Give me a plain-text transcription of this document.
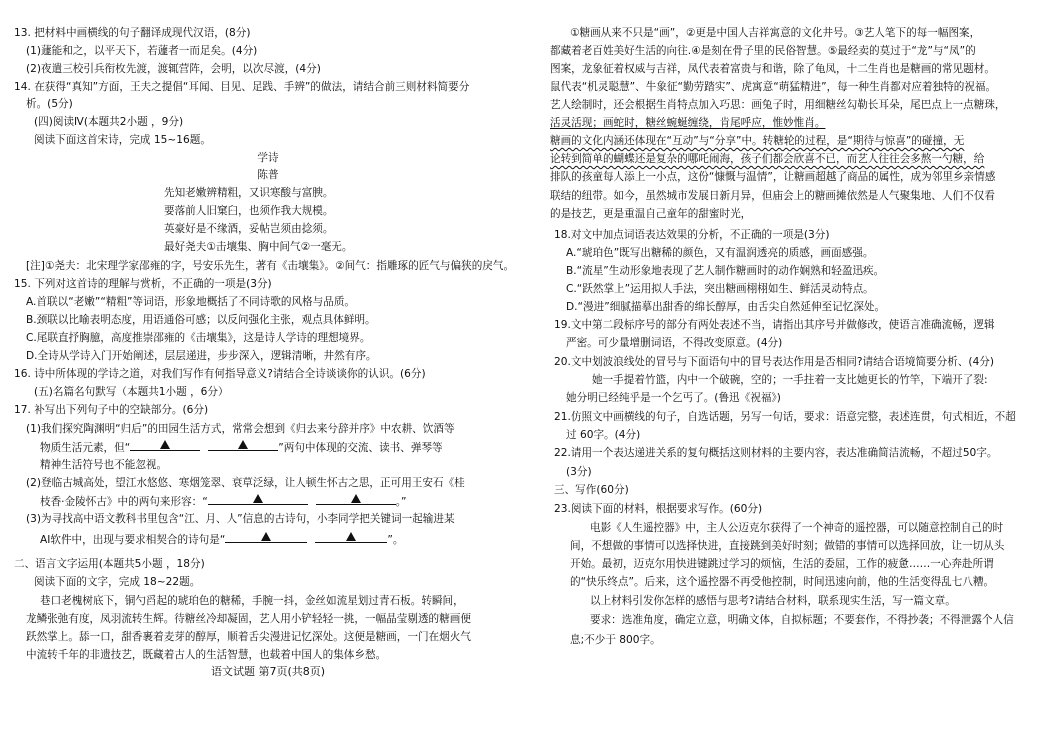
物质生活元素，但“	”两句中体现的交流、读书、弹琴等
枝香·金陵怀古》中的两句来形容：“	。”
AI软件中，出现与要求相契合的诗句是“	”。
语文试题 第7页(共8页)
13. 把材料中画横线的句子翻译成现代汉语，(8分)
(1)蘧能和之，以平天下，若蘧者一而足矣。(4分)
(2)夜遣三校引兵衔枚先渡，渡辄营阵，会明，以次尽渡，(4分)
14. 在获得“真知”方面，王夫之提倡“耳闻、目见、足践、手辨”的做法，请结合前三则材料简要分
析。(5分)
(四)阅读Ⅳ(本题共2小题 ，9分)
阅读下面这首宋诗，完成 15~16题。
学诗
陈普
先知老嫩辨精粗，又识寒酸与富腴。
要落前人旧窠臼，也须作我大规模。
英豪好是不缘酒，妥帖岂须由捻须。
最好尧夫①击壤集、胸中间气②一毫无。
[注]①尧夫：北宋理学家邵雍的字，号安乐先生，著有《击壤集》。②间气：指雕琢的匠气与偏狭的戾气。
15. 下列对这首诗的理解与赏析，不正确的一项是(3分)
A.首联以“老嫩”“精粗”等词语，形象地概括了不同诗歌的风格与品质。
B.颈联以比喻表明态度，用语通俗可感；以反问强化主张，观点具体鲜明。
C.尾联直抒胸臆，高度推崇邵雍的《击壤集》，这是诗人学诗的理想境界。
D.全诗从学诗入门开始阐述，层层递进，步步深入，逻辑清晰，井然有序。
16. 诗中所体现的学诗之道，对我们写作有何指导意义?请结合全诗谈谈你的认识。(6分)
(五)名篇名句默写（本题共1小题 ，6分）
17. 补写出下列句子中的空缺部分。(6分)
(1)我们探究陶渊明“归后”的田园生活方式，常常会想到《归去来兮辞并序》中农耕、饮酒等
精神生活符号也不能忽视。
(2)登临古城高处，望江水悠悠、寒烟笼翠、衰草泛绿，让人顿生怀古之思，正可用王安石《桂
(3)为寻找高中语文教科书里包含“江、月、人”信息的古诗句，小李同学把关键词一起输进某
二、语言文字运用(本题共5小题 ，18分)
阅读下面的文字，完成 18~22题。
巷口老槐树底下，铜勺舀起的琥珀色的糖稀，手腕一抖，金丝如流星划过青石板。转瞬间，
龙鳞张弛有度，凤羽流转生辉。待糖丝冷却凝固，艺人用小铲轻轻一挑，一幅晶莹剔透的糖画便
跃然掌上。舔一口，甜香裹着麦芽的醇厚，顺着舌尖漫进记忆深处。这便是糖画，一门在烟火气
中流转千年的非遗技艺，既藏着古人的生活智慧，也载着中国人的集体乡愁。
①糖画从来不只是“画”，②更是中国人吉祥寓意的文化井号。③艺人笔下的每一幅图案，
都藏着老百姓美好生活的向往.④是刻在骨子里的民俗智慧。⑤最经卖的莫过于“龙”与“凤”的
图案，龙象征着权威与吉祥，凤代表着富贵与和谐，除了龟凤，十二生肖也是糖画的常见题材。
鼠代表“机灵聪慧”、牛象征“勤劳踏实”、虎寓意“萌猛精进”，每一种生肖都对应着独特的祝福。
艺人绘制时，还会根据生肖特点加入巧思：画兔子时，用细糖丝勾勒长耳朵，尾巴点上一点糖珠，
活灵活现；画蛇时，糖丝蜿蜒缠绕，肯尾呼应，惟妙惟肖。
糖画的文化内涵还体现在“互动”与“分享”中。转糖轮的过程，是“期待与惊喜”的碰撞，无
论转到简单的蝴蝶还是复杂的哪吒闹海，孩子们都会欣喜不已，而艺人往往会多熬一勺糖，给
排队的孩童每人添上一小点，这份“慷慨与温情”，让糖画超越了商品的属性，成为邻里乡亲情感
联结的纽带。如今，虽然城市发展日新月异，但庙会上的糖画摊依然是人气聚集地、人们不仅看
的是技艺，更是重温自己童年的甜蜜时光，
18.对文中加点词语表达效果的分析，不正确的一项是(3分)
A.“琥珀色”既写出糖稀的颜色，又有温润透亮的质感，画面感强。
B.“流星”生动形象地表现了艺人制作糖画时的动作娴熟和轻盈迅疾。
C.“跃然掌上”运用拟人手法，突出糖画栩栩如生、鲜活灵动特点。
D.“漫进”细腻描摹出甜香的绵长醇厚，由舌尖自然延伸至记忆深处。
19.文中第二段标序号的部分有两处表述不当，请指出其序号并做修改，使语言准确流畅，逻辑
严密。可少量增删词语，不得改变原意。(4分)
20.文中划波浪线处的冒号与下面语句中的冒号表达作用是否相同?请结合语境简要分析、(4分)
她一手提着竹篮，内中一个破碗，空的；一手拄着一支比她更长的竹竿，下端开了裂:
她分明已经纯乎是一个乞丐了。(鲁迅《祝福》)
21.仿照文中画横线的句子，自选话题，另写一句话，要求：语意完整，表述连贯，句式相近，不超
过 60字。(4分)
22.请用一个表达递进关系的复句概括这则材料的主要内容，表达准确简洁流畅，不超过50字。
(3分)
三、写作(60分)
23.阅读下面的材料，根据要求写作。(60分)
电影《人生遥控器》中，主人公迈克尔获得了一个神奇的遥控器，可以随意控制自己的时
间，不想做的事情可以选择快进，直接跳到美好时刻；做错的事情可以选择回放，让一切从头
开始。最初，迈克尔用快进键跳过学习的烦恼，生活的委屈，工作的疲惫……一心奔赴所谓
的“快乐终点”。后来，这个遥控器不再受他控制，时间迅速向前，他的生活变得乱七八糟。
以上材料引发你怎样的感悟与思考?请结合材料，联系现实生活，写一篇文章。
要求：选准角度，确定立意，明确文体，自拟标题；不要套作，不得抄袭；不得泄露个人信
息;不少于 800字。
